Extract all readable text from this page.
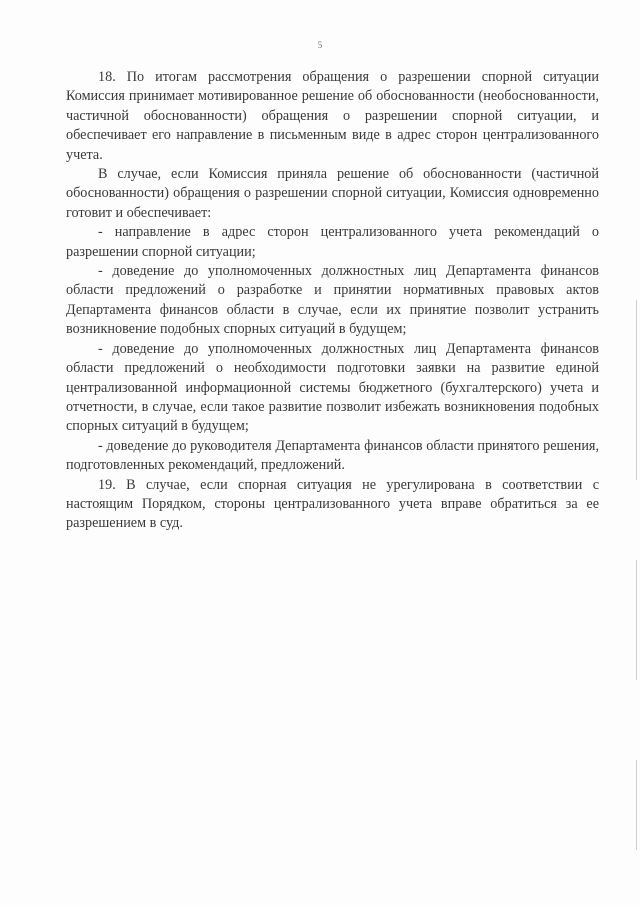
5

18. По итогам рассмотрения обращения о разрешении спорной ситуации Комиссия принимает мотивированное решение об обоснованности (необоснованности, частичной обоснованности) обращения о разрешении спорной ситуации, и обеспечивает его направление в письменным виде в адрес сторон централизованного учета.

В случае, если Комиссия приняла решение об обоснованности (частичной обоснованности) обращения о разрешении спорной ситуации, Комиссия одновременно готовит и обеспечивает:

- направление в адрес сторон централизованного учета рекомендаций о разрешении спорной ситуации;

- доведение до уполномоченных должностных лиц Департамента финансов области предложений о разработке и принятии нормативных правовых актов Департамента финансов области в случае, если их принятие позволит устранить возникновение подобных спорных ситуаций в будущем;

- доведение до уполномоченных должностных лиц Департамента финансов области предложений о необходимости подготовки заявки на развитие единой централизованной информационной системы бюджетного (бухгалтерского) учета и отчетности, в случае, если такое развитие позволит избежать возникновения подобных спорных ситуаций в будущем;

- доведение до руководителя Департамента финансов области принятого решения, подготовленных рекомендаций, предложений.

19. В случае, если спорная ситуация не урегулирована в соответствии с настоящим Порядком, стороны централизованного учета вправе обратиться за ее разрешением в суд.
